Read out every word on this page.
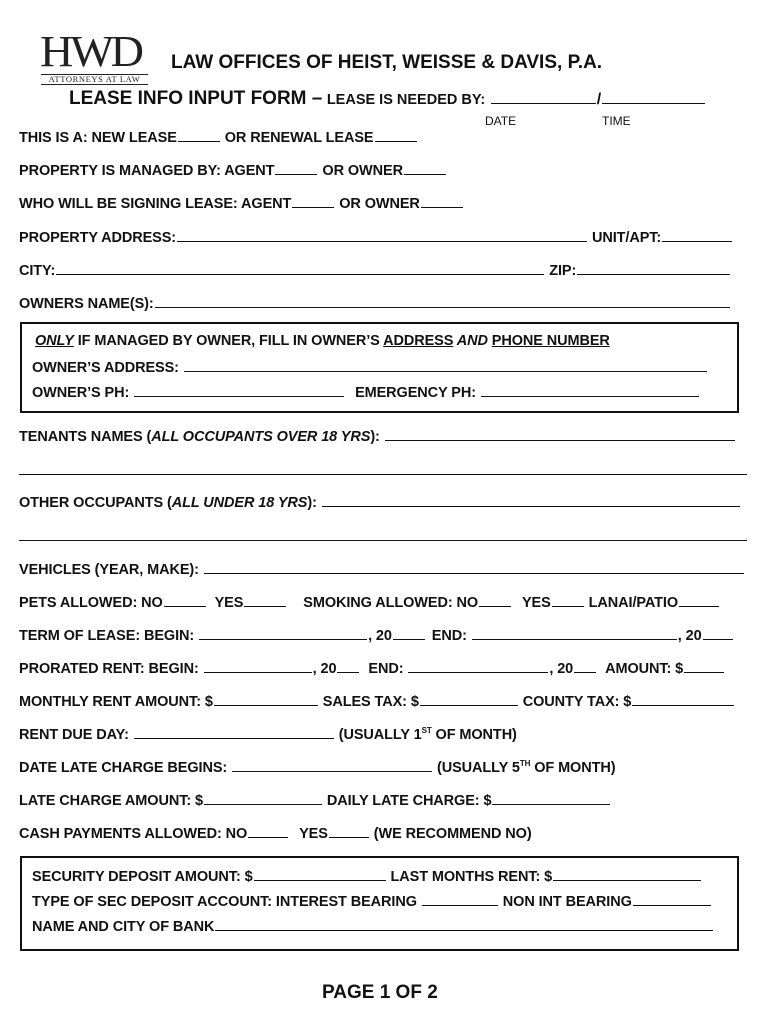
HWD
ATTORNEYS AT LAW
LAW OFFICES OF HEIST, WEISSE & DAVIS, P.A.
LEASE INFO INPUT FORM – LEASE IS NEEDED BY:	/
DATE	TIME
THIS IS A: NEW LEASE	OR RENEWAL LEASE
PROPERTY IS MANAGED BY: AGENT	OR OWNER
WHO WILL BE SIGNING LEASE: AGENT	OR OWNER
PROPERTY ADDRESS:	UNIT/APT:
CITY:	ZIP:
OWNERS NAME(S):
ONLY IF MANAGED BY OWNER, FILL IN OWNER’S ADDRESS AND PHONE NUMBER
OWNER’S ADDRESS:
OWNER’S PH:	EMERGENCY PH:
TENANTS NAMES (ALL OCCUPANTS OVER 18 YRS):
OTHER OCCUPANTS (ALL UNDER 18 YRS):
VEHICLES (YEAR, MAKE):
PETS ALLOWED: NO	YES	SMOKING ALLOWED: NO	YES	LANAI/PATIO
TERM OF LEASE: BEGIN:	, 20	END:	, 20
PRORATED RENT: BEGIN:	, 20 END:	, 20 AMOUNT: $
MONTHLY RENT AMOUNT: $	SALES TAX: $	COUNTY TAX: $
RENT DUE DAY:	(USUALLY 1ST OF MONTH)
DATE LATE CHARGE BEGINS:	(USUALLY 5TH OF MONTH)
LATE CHARGE AMOUNT: $	DAILY LATE CHARGE: $
CASH PAYMENTS ALLOWED: NO	YES	(WE RECOMMEND NO)
SECURITY DEPOSIT AMOUNT: $	LAST MONTHS RENT: $
TYPE OF SEC DEPOSIT ACCOUNT: INTEREST BEARING	NON INT BEARING
NAME AND CITY OF BANK
PAGE 1 OF 2
